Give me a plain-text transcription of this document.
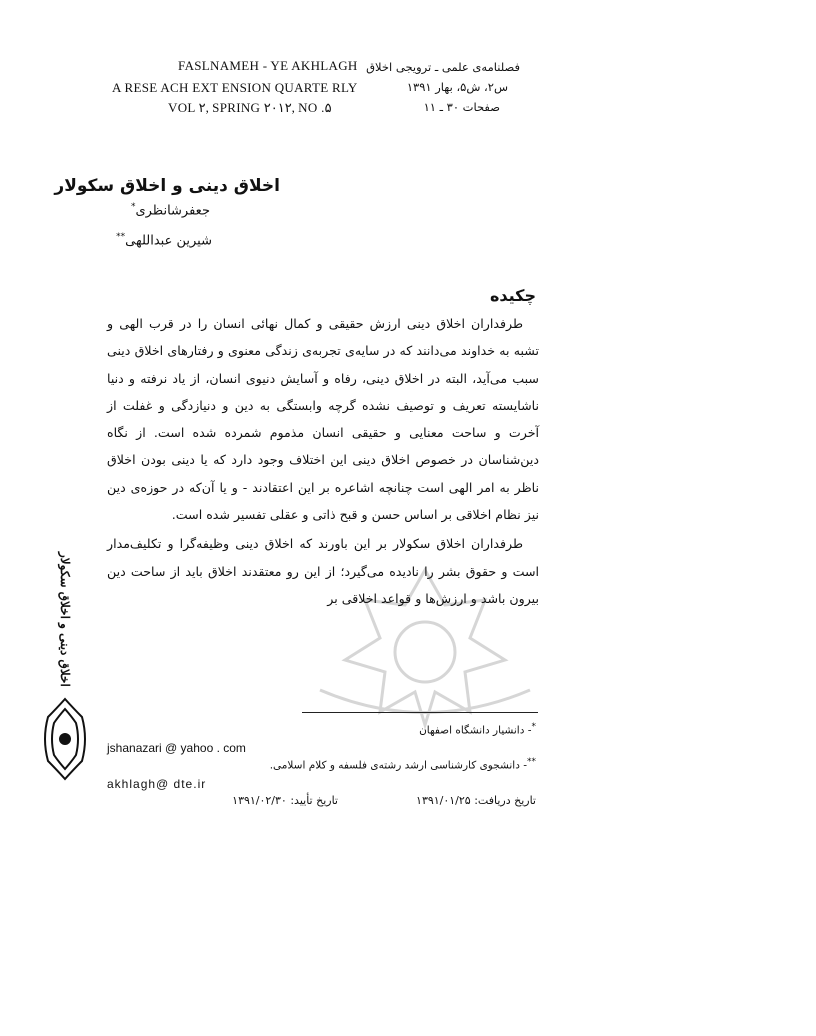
FASLNAMEH - YE AKHLAGH
A RESE ACH EXT ENSION QUARTE RLY
VOL ۲, SPRING ۲۰۱۲, NO .۵
فصلنامه‌ی علمی ـ ترویجی اخلاق
س۲، ش۵، بهار ۱۳۹۱
صفحات ۳۰ ـ ۱۱
اخلاق دینی و اخلاق سکولار
جعفرشانظری*
شیرین عبداللهی**
چکیده

طرفداران اخلاق دینی ارزش حقیقی و کمال نهائی انسان را در قرب الهی و تشبه به خداوند می‌دانند که در سایه‌ی تجربه‌ی زندگی معنوی و رفتارهای اخلاق دینی سبب می‌آید، البته در اخلاق دینی، رفاه و آسایش دنیوی انسان، از یاد نرفته و دنیا ناشایسته تعریف و توصیف نشده گرچه وابستگی به دین و دنیازدگی و غفلت از آخرت و ساحت معنایی و حقیقی انسان مذموم شمرده شده است. از نگاه دین‌شناسان در خصوص اخلاق دینی این اختلاف وجود دارد که یا دینی بودن اخلاق ناظر به امر الهی است چنانچه اشاعره بر این اعتقادند - و یا آن‌که در حوزه‌ی دین نیز نظام اخلاقی بر اساس حسن و قبح ذاتی و عقلی تفسیر شده است.

طرفداران اخلاق سکولار بر این باورند که اخلاق دینی وظیفه‌گرا و تکلیف‌مدار است و حقوق بشر را نادیده می‌گیرد؛ از این رو معتقدند اخلاق باید از ساحت دین بیرون باشد و ارزش‌ها و قواعد اخلاقی بر

اخلاق دینی و اخلاق سکولار
*- دانشیار دانشگاه اصفهان
**- دانشجوی کارشناسی ارشد رشته‌ی فلسفه و کلام اسلامی.
jshanazari @ yahoo . com
akhlagh@ dte.ir
تاریخ دریافت: ۱۳۹۱/۰۱/۲۵
تاریخ تأیید: ۱۳۹۱/۰۲/۳۰
